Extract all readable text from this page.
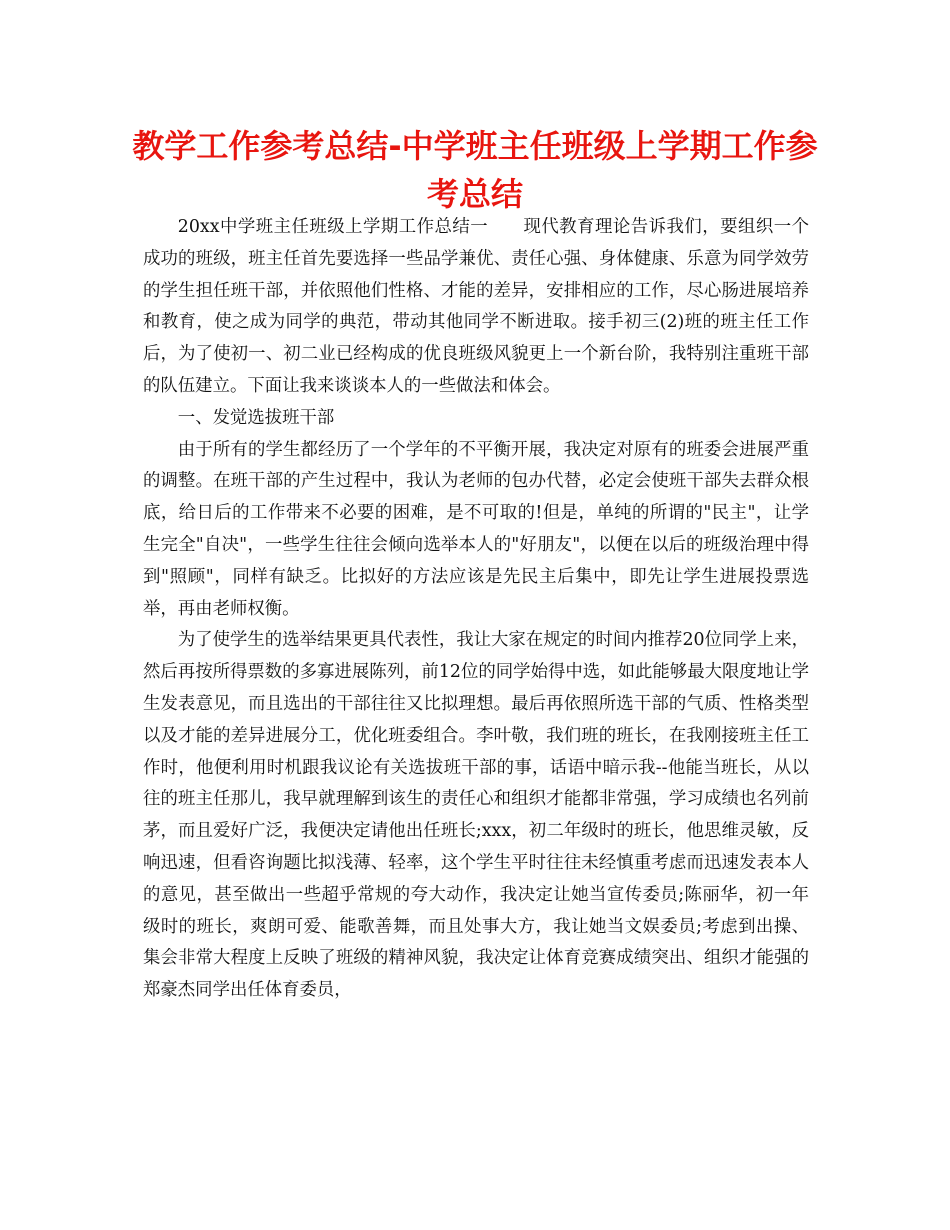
教学工作参考总结-中学班主任班级上学期工作参考总结

20xx中学班主任班级上学期工作总结一 现代教育理论告诉我们，要组织一个成功的班级，班主任首先要选择一些品学兼优、责任心强、身体健康、乐意为同学效劳的学生担任班干部，并依照他们性格、才能的差异，安排相应的工作，尽心肠进展培养和教育，使之成为同学的典范，带动其他同学不断进取。接手初三(2)班的班主任工作后，为了使初一、初二业已经构成的优良班级风貌更上一个新台阶，我特别注重班干部的队伍建立。下面让我来谈谈本人的一些做法和体会。

一、发觉选拔班干部

由于所有的学生都经历了一个学年的不平衡开展，我决定对原有的班委会进展严重的调整。在班干部的产生过程中，我认为老师的包办代替，必定会使班干部失去群众根底，给日后的工作带来不必要的困难，是不可取的!但是，单纯的所谓的"民主"，让学生完全"自决"，一些学生往往会倾向选举本人的"好朋友"，以便在以后的班级治理中得到"照顾"，同样有缺乏。比拟好的方法应该是先民主后集中，即先让学生进展投票选举，再由老师权衡。

为了使学生的选举结果更具代表性，我让大家在规定的时间内推荐20位同学上来，然后再按所得票数的多寡进展陈列，前12位的同学始得中选，如此能够最大限度地让学生发表意见，而且选出的干部往往又比拟理想。最后再依照所选干部的气质、性格类型以及才能的差异进展分工，优化班委组合。李叶敬，我们班的班长，在我刚接班主任工作时，他便利用时机跟我议论有关选拔班干部的事，话语中暗示我--他能当班长，从以往的班主任那儿，我早就理解到该生的责任心和组织才能都非常强，学习成绩也名列前茅，而且爱好广泛，我便决定请他出任班长;xxx，初二年级时的班长，他思维灵敏，反响迅速，但看咨询题比拟浅薄、轻率，这个学生平时往往未经慎重考虑而迅速发表本人的意见，甚至做出一些超乎常规的夸大动作，我决定让她当宣传委员;陈丽华，初一年级时的班长，爽朗可爱、能歌善舞，而且处事大方，我让她当文娱委员;考虑到出操、集会非常大程度上反映了班级的精神风貌，我决定让体育竞赛成绩突出、组织才能强的郑豪杰同学出任体育委员，
